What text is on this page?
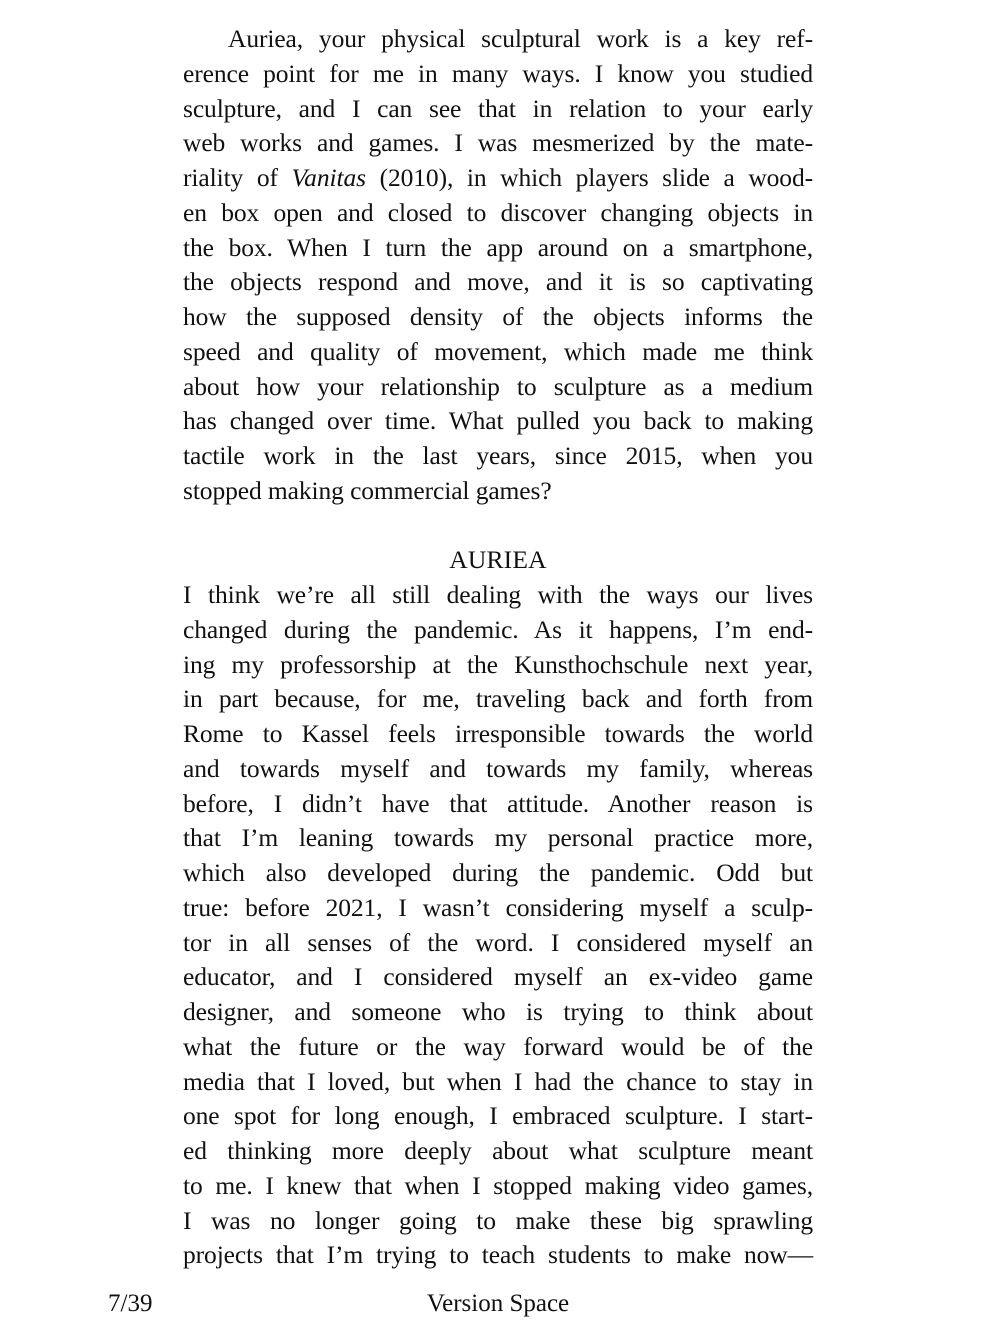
Auriea, your physical sculptural work is a key ref-
erence point for me in many ways. I know you studied
sculpture, and I can see that in relation to your early
web works and games. I was mesmerized by the mate-
riality of Vanitas (2010), in which players slide a wood-
en box open and closed to discover changing objects in
the box. When I turn the app around on a smartphone,
the objects respond and move, and it is so captivating
how the supposed density of the objects informs the
speed and quality of movement, which made me think
about how your relationship to sculpture as a medium
has changed over time. What pulled you back to making
tactile work in the last years, since 2015, when you
stopped making commercial games?
AURIEA
I think we’re all still dealing with the ways our lives
changed during the pandemic. As it happens, I’m end-
ing my professorship at the Kunsthochschule next year,
in part because, for me, traveling back and forth from
Rome to Kassel feels irresponsible towards the world
and towards myself and towards my family, whereas
before, I didn’t have that attitude. Another reason is
that I’m leaning towards my personal practice more,
which also developed during the pandemic. Odd but
true: before 2021, I wasn’t considering myself a sculp-
tor in all senses of the word. I considered myself an
educator, and I considered myself an ex-video game
designer, and someone who is trying to think about
what the future or the way forward would be of the
media that I loved, but when I had the chance to stay in
one spot for long enough, I embraced sculpture. I start-
ed thinking more deeply about what sculpture meant
to me. I knew that when I stopped making video games,
I was no longer going to make these big sprawling
projects that I’m trying to teach students to make now—
7/39	Version Space
